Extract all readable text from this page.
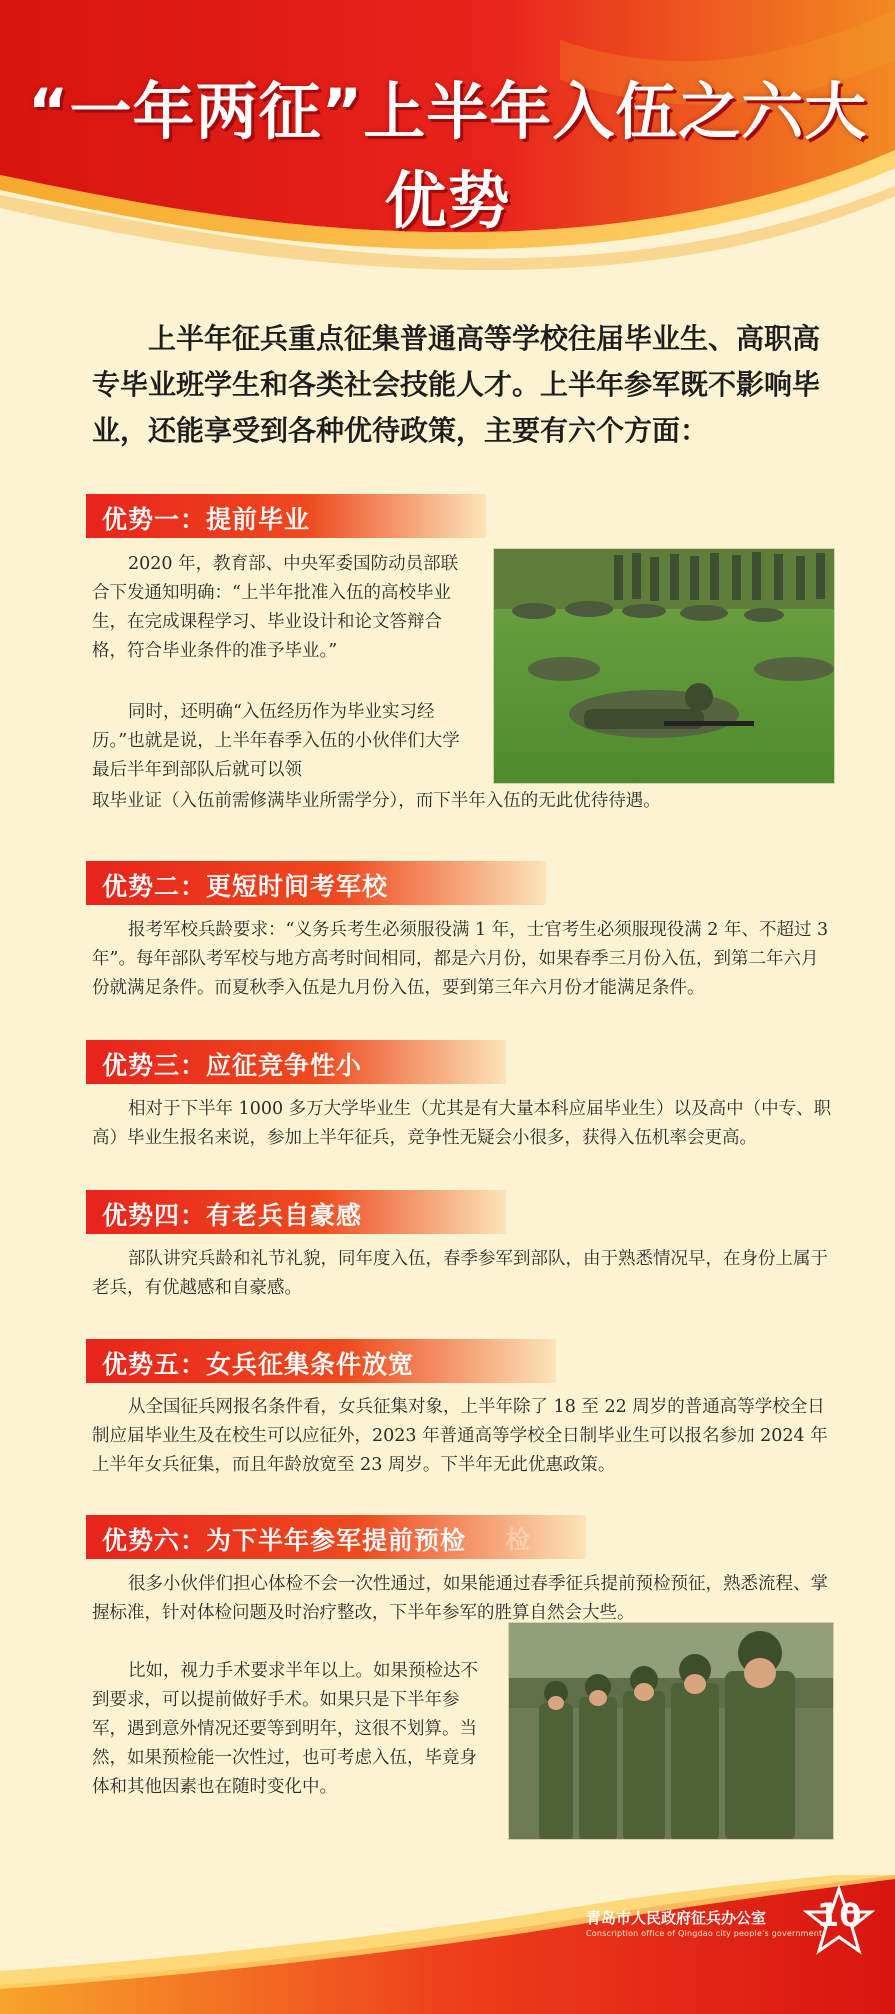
“一年两征”上半年入伍之六大优势
上半年征兵重点征集普通高等学校往届毕业生、高职高专毕业班学生和各类社会技能人才。上半年参军既不影响毕业，还能享受到各种优待政策，主要有六个方面：
优势一：提前毕业
2020 年，教育部、中央军委国防动员部联合下发通知明确：“上半年批准入伍的高校毕业生，在完成课程学习、毕业设计和论文答辩合格，符合毕业条件的准予毕业。”
同时，还明确“入伍经历作为毕业实习经历。”也就是说，上半年春季入伍的小伙伴们大学最后半年到部队后就可以领
取毕业证（入伍前需修满毕业所需学分），而下半年入伍的无此优待待遇。
优势二：更短时间考军校
报考军校兵龄要求：“义务兵考生必须服役满 1 年，士官考生必须服现役满 2 年、不超过 3 年”。每年部队考军校与地方高考时间相同，都是六月份，如果春季三月份入伍，到第二年六月份就满足条件。而夏秋季入伍是九月份入伍，要到第三年六月份才能满足条件。
优势三：应征竞争性小
相对于下半年 1000 多万大学毕业生（尤其是有大量本科应届毕业生）以及高中（中专、职高）毕业生报名来说，参加上半年征兵，竞争性无疑会小很多，获得入伍机率会更高。
优势四：有老兵自豪感
部队讲究兵龄和礼节礼貌，同年度入伍，春季参军到部队，由于熟悉情况早，在身份上属于老兵，有优越感和自豪感。
优势五：女兵征集条件放宽
从全国征兵网报名条件看，女兵征集对象，上半年除了 18 至 22 周岁的普通高等学校全日制应届毕业生及在校生可以应征外，2023 年普通高等学校全日制毕业生可以报名参加 2024 年上半年女兵征集，而且年龄放宽至 23 周岁。下半年无此优惠政策。
优势六：为下半年参军提前预检 检
很多小伙伴们担心体检不会一次性通过，如果能通过春季征兵提前预检预征，熟悉流程、掌握标准，针对体检问题及时治疗整改，下半年参军的胜算自然会大些。
比如，视力手术要求半年以上。如果预检达不到要求，可以提前做好手术。如果只是下半年参军，遇到意外情况还要等到明年，这很不划算。当然，如果预检能一次性过，也可考虑入伍，毕竟身体和其他因素也在随时变化中。
青岛市人民政府征兵办公室
Conscription office of Qingdao city people's government
10
